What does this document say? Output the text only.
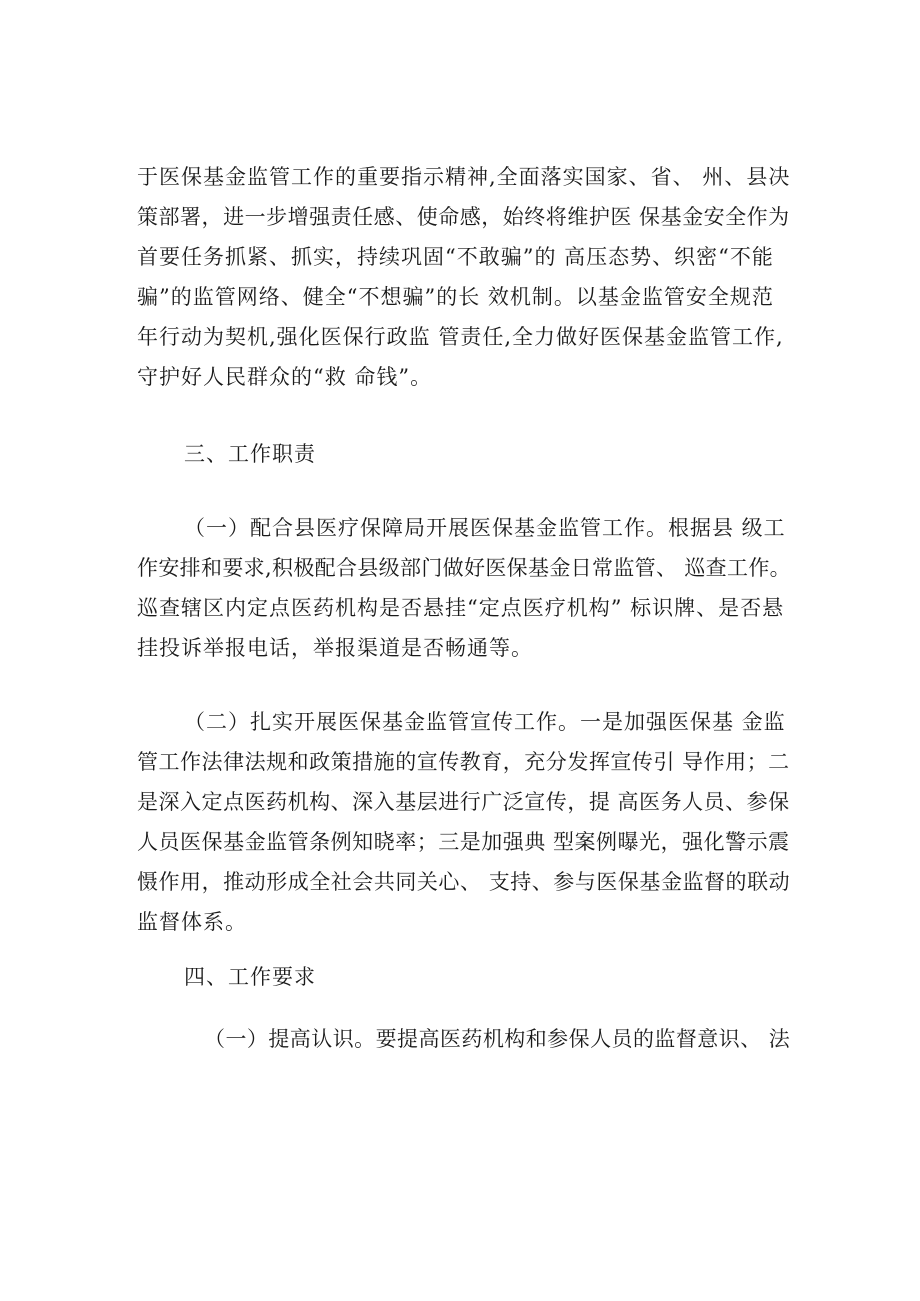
于医保基金监管工作的重要指示精神,全面落实国家、省、 州、县决
策部署，进一步增强责任感、使命感，始终将维护医 保基金安全作为
首要任务抓紧、抓实，持续巩固“不敢骗”的 高压态势、织密“不能
骗”的监管网络、健全“不想骗”的长 效机制。以基金监管安全规范
年行动为契机,强化医保行政监 管责任,全力做好医保基金监管工作,
守护好人民群众的“救 命钱”。
三、工作职责
（一）配合县医疗保障局开展医保基金监管工作。根据县 级工
作安排和要求,积极配合县级部门做好医保基金日常监管、 巡查工作。
巡查辖区内定点医药机构是否悬挂“定点医疗机构” 标识牌、是否悬
挂投诉举报电话，举报渠道是否畅通等。
（二）扎实开展医保基金监管宣传工作。一是加强医保基 金监
管工作法律法规和政策措施的宣传教育，充分发挥宣传引 导作用；二
是深入定点医药机构、深入基层进行广泛宣传，提 高医务人员、参保
人员医保基金监管条例知晓率；三是加强典 型案例曝光，强化警示震
慑作用，推动形成全社会共同关心、 支持、参与医保基金监督的联动
监督体系。
四、工作要求
（一）提高认识。要提高医药机构和参保人员的监督意识、 法
